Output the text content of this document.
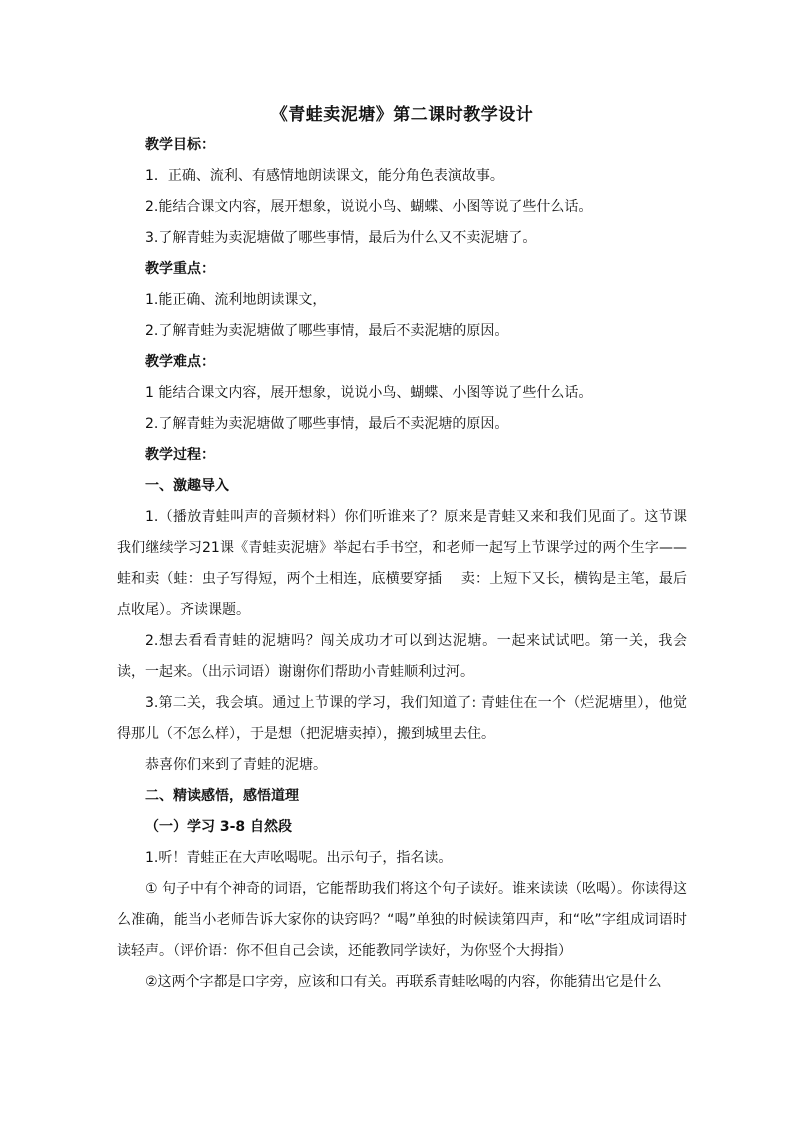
《青蛙卖泥塘》第二课时教学设计

教学目标：

1．正确、流利、有感情地朗读课文，能分角色表演故事。

2.能结合课文内容，展开想象，说说小鸟、蝴蝶、小图等说了些什么话。

3.了解青蛙为卖泥塘做了哪些事情，最后为什么又不卖泥塘了。

教学重点：

1.能正确、流利地朗读课文，

2.了解青蛙为卖泥塘做了哪些事情，最后不卖泥塘的原因。

教学难点：

1 能结合课文内容，展开想象，说说小鸟、蝴蝶、小图等说了些什么话。

2.了解青蛙为卖泥塘做了哪些事情，最后不卖泥塘的原因。

教学过程：

一、激趣导入

1.（播放青蛙叫声的音频材料）你们听谁来了？原来是青蛙又来和我们见面了。这节课我们继续学习21课《青蛙卖泥塘》举起右手书空，和老师一起写上节课学过的两个生字——蛙和卖（蛙：虫子写得短，两个土相连，底横要穿插　 卖：上短下又长，横钩是主笔，最后点收尾）。齐读课题。

2.想去看看青蛙的泥塘吗？闯关成功才可以到达泥塘。一起来试试吧。第一关，我会读，一起来。（出示词语）谢谢你们帮助小青蛙顺利过河。

3.第二关，我会填。通过上节课的学习，我们知道了: 青蛙住在一个（烂泥塘里），他觉得那儿（不怎么样），于是想（把泥塘卖掉），搬到城里去住。

恭喜你们来到了青蛙的泥塘。

二、精读感悟，感悟道理

（一）学习 3-8 自然段

1.听！青蛙正在大声吆喝呢。出示句子，指名读。

① 句子中有个神奇的词语，它能帮助我们将这个句子读好。谁来读读（吆喝）。你读得这么准确，能当小老师告诉大家你的诀窍吗？“喝”单独的时候读第四声，和“吆”字组成词语时读轻声。（评价语：你不但自己会读，还能教同学读好，为你竖个大拇指）

②这两个字都是口字旁，应该和口有关。再联系青蛙吆喝的内容，你能猜出它是什么
